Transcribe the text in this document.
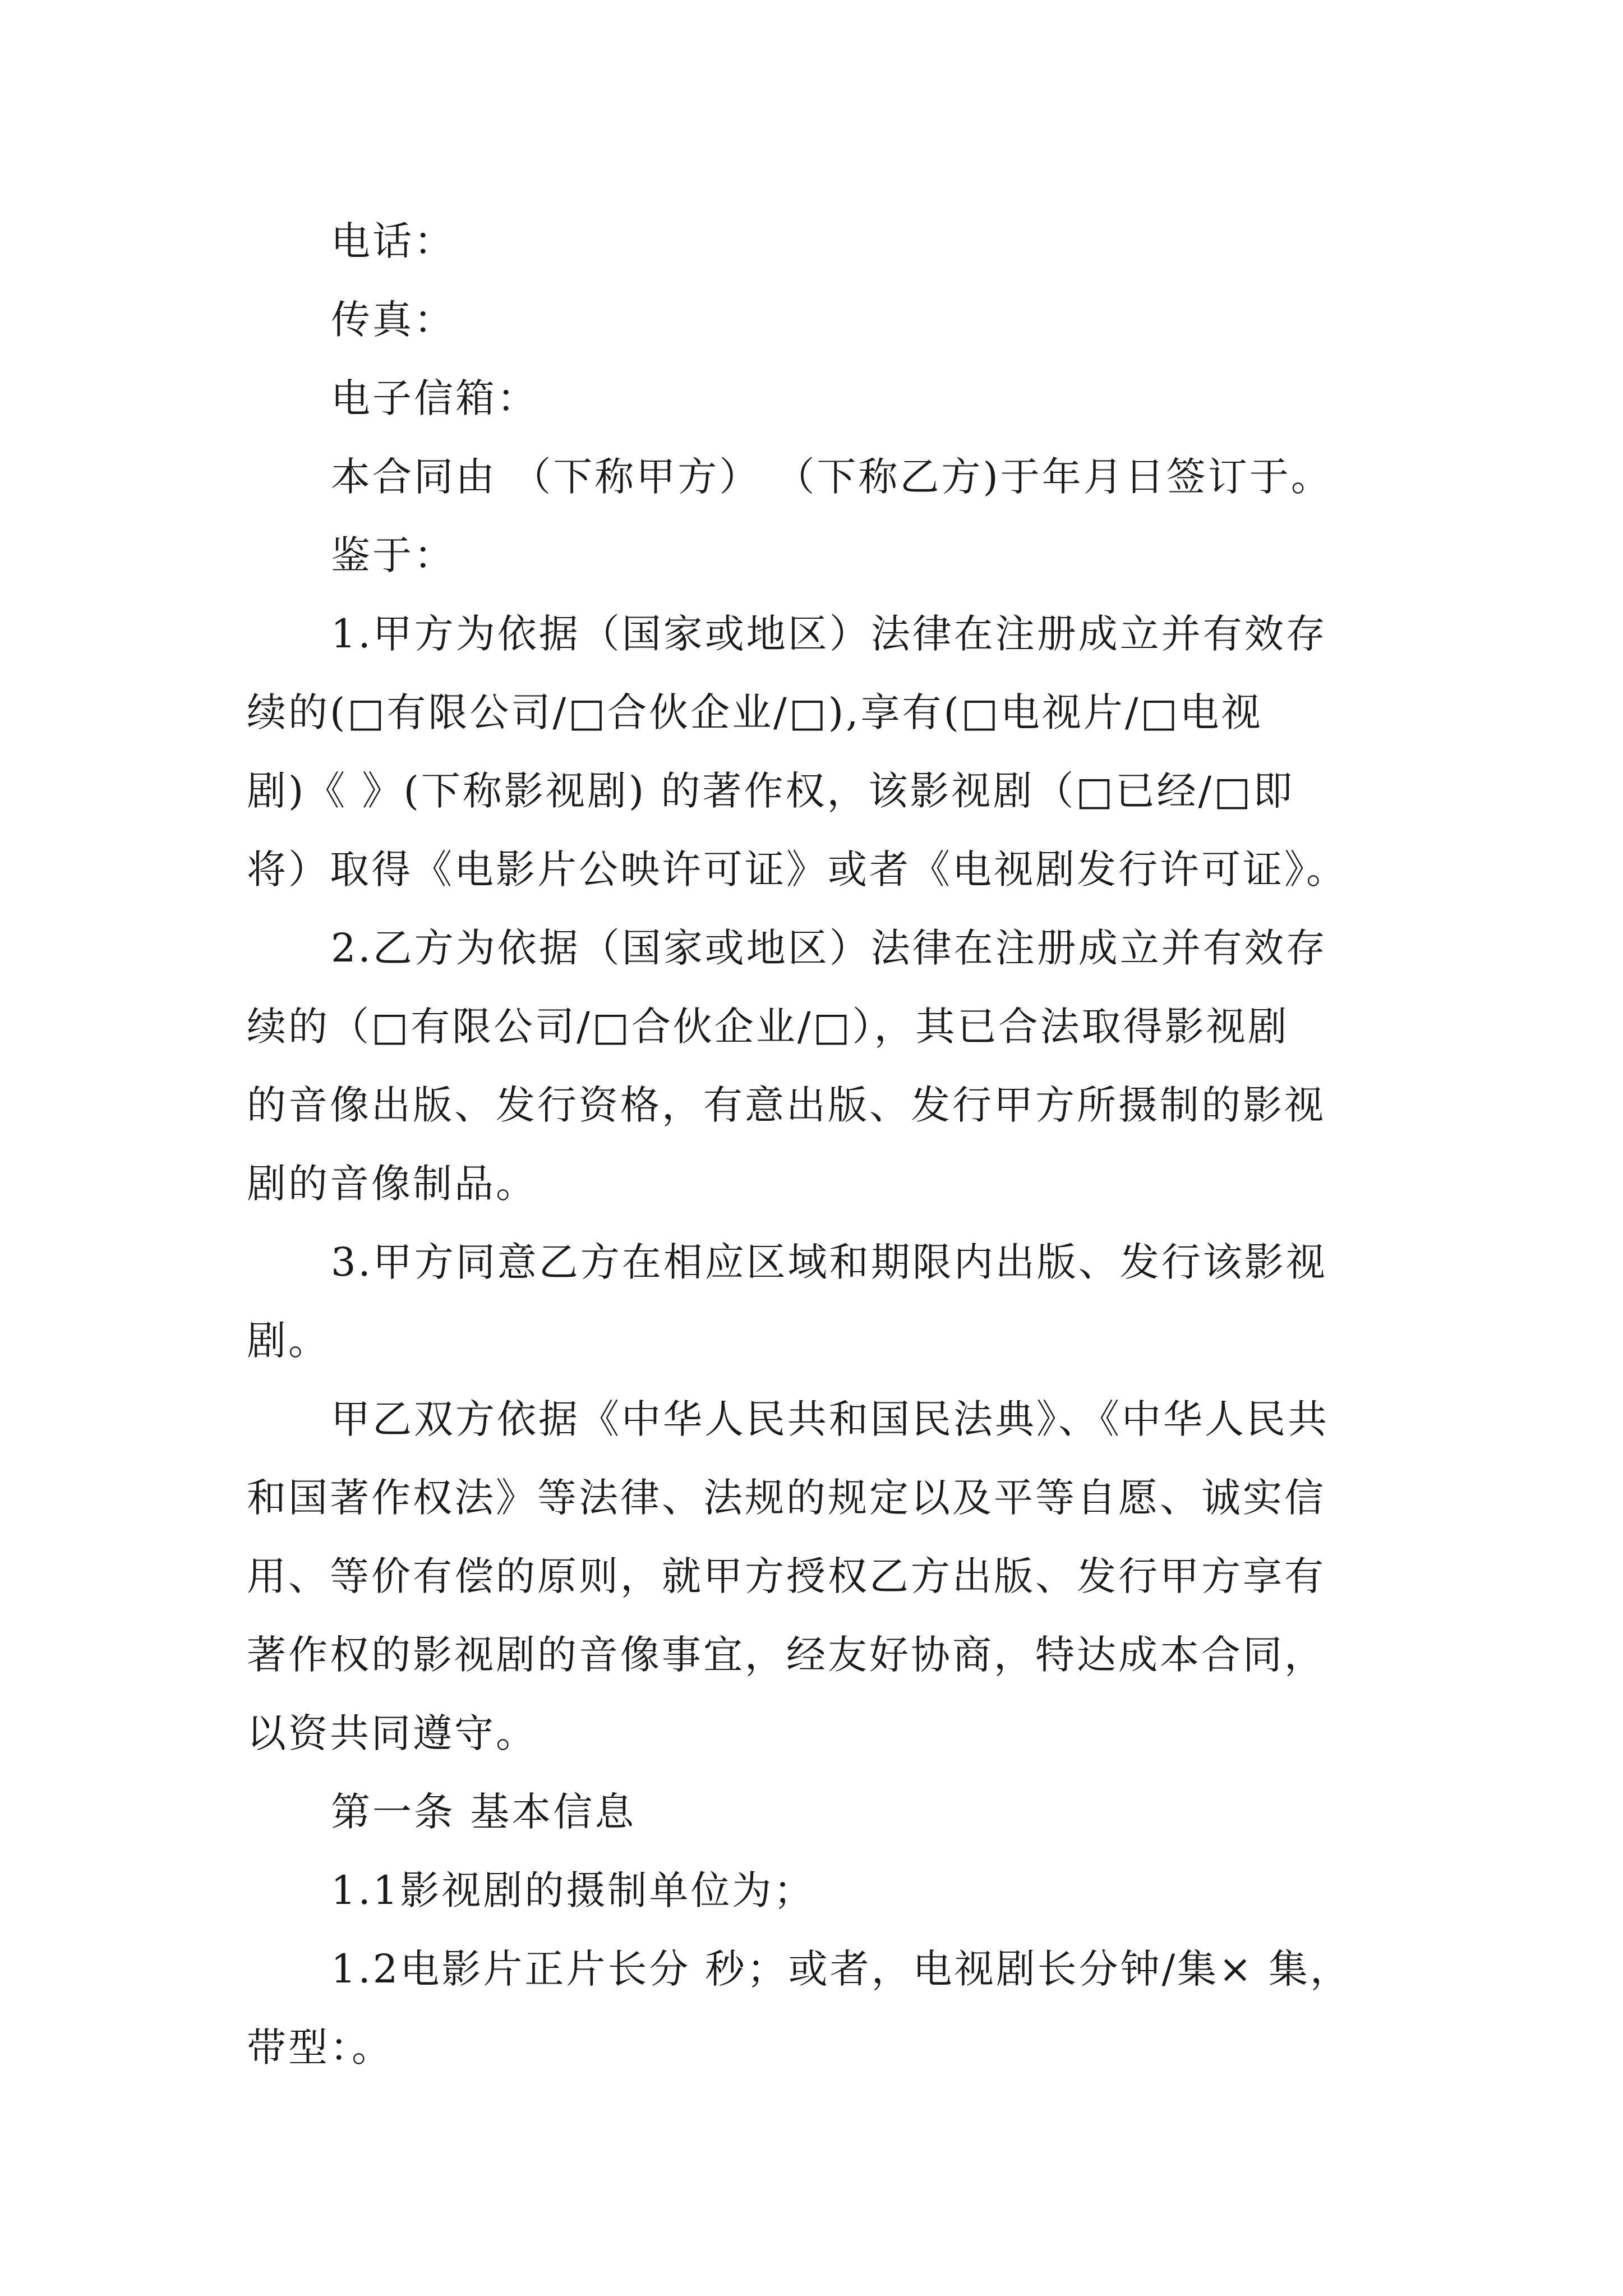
电话：
传真：
电子信箱：
本合同由 （下称甲方） （下称乙方)于年月日签订于。
鉴于：
1.甲方为依据（国家或地区）法律在注册成立并有效存
续的(□有限公司/□合伙企业/□),享有(□电视片/□电视
剧)《 》(下称影视剧) 的著作权，该影视剧（□已经/□即
将）取得《电影片公映许可证》或者《电视剧发行许可证》。
2.乙方为依据（国家或地区）法律在注册成立并有效存
续的（□有限公司/□合伙企业/□），其已合法取得影视剧
的音像出版、发行资格，有意出版、发行甲方所摄制的影视
剧的音像制品。
3.甲方同意乙方在相应区域和期限内出版、发行该影视
剧。
甲乙双方依据《中华人民共和国民法典》、《中华人民共
和国著作权法》等法律、法规的规定以及平等自愿、诚实信
用、等价有偿的原则，就甲方授权乙方出版、发行甲方享有
著作权的影视剧的音像事宜，经友好协商，特达成本合同，
以资共同遵守。
第一条 基本信息
1.1影视剧的摄制单位为；
1.2电影片正片长分 秒；或者，电视剧长分钟/集× 集，
带型：。
